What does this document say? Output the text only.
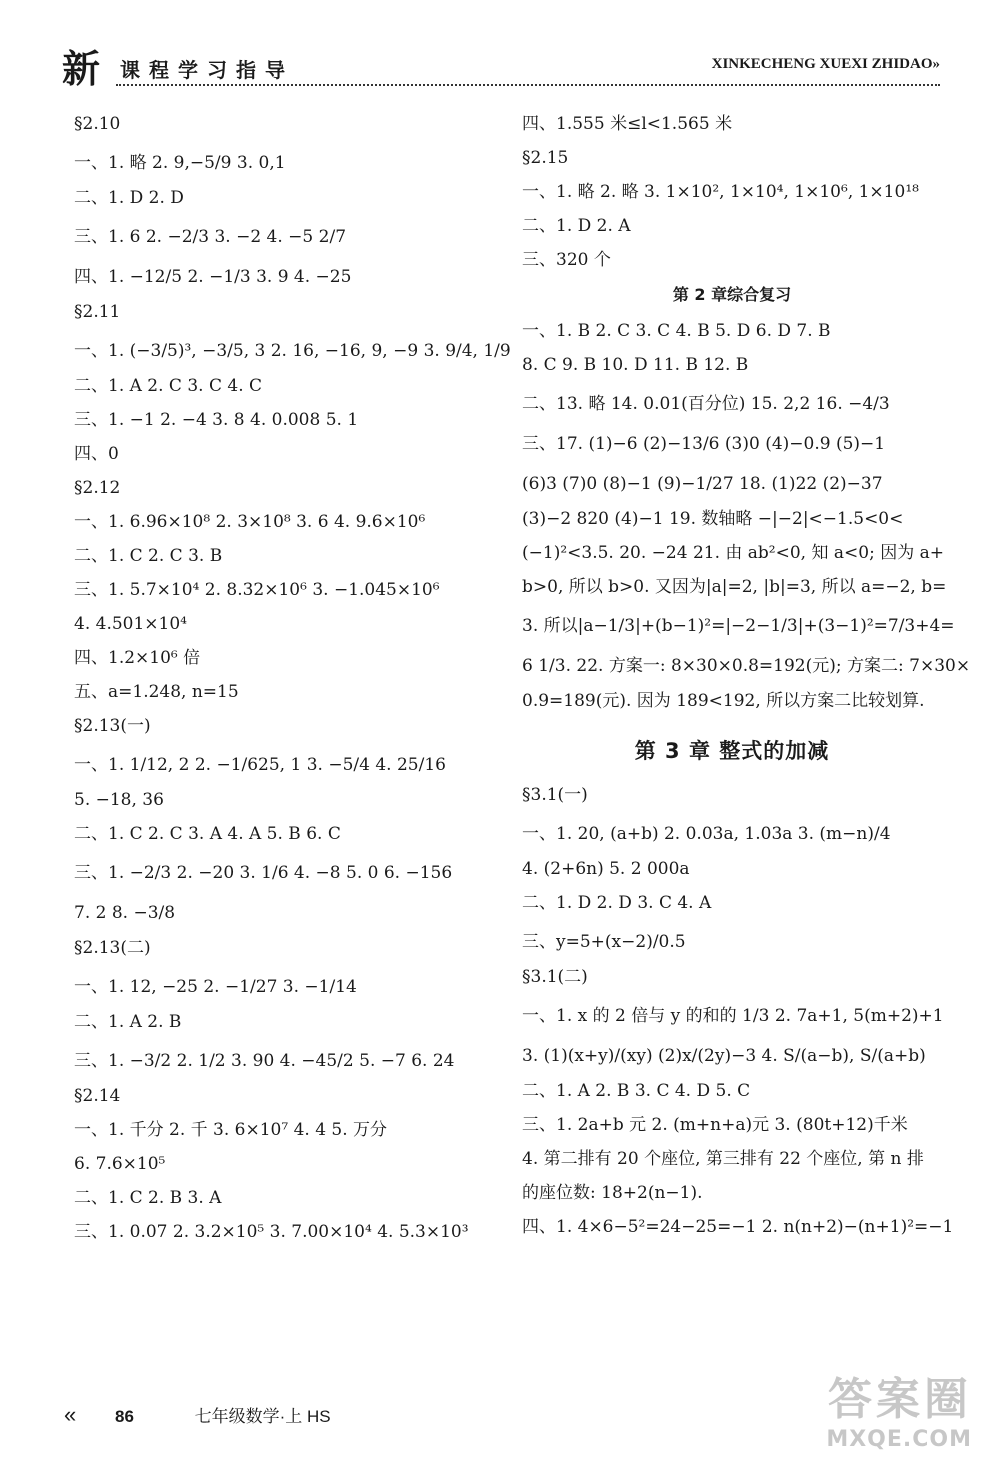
新 课程学习指导	XINKECHENG XUEXI ZHIDAO»
§2.10
一、1. 略 2. 9,−5/9 3. 0,1
二、1. D 2. D
三、1. 6 2. −2/3 3. −2 4. −5 2/7
四、1. −12/5 2. −1/3 3. 9 4. −25
§2.11
一、1. (−3/5)³, −3/5, 3 2. 16, −16, 9, −9 3. 9/4, 1/9
二、1. A 2. C 3. C 4. C
三、1. −1 2. −4 3. 8 4. 0.008 5. 1
四、0
§2.12
一、1. 6.96×10⁸ 2. 3×10⁸ 3. 6 4. 9.6×10⁶
二、1. C 2. C 3. B
三、1. 5.7×10⁴ 2. 8.32×10⁶ 3. −1.045×10⁶
4. 4.501×10⁴
四、1.2×10⁶ 倍
五、a=1.248, n=15
§2.13(一)
一、1. 1/12, 2 2. −1/625, 1 3. −5/4 4. 25/16
5. −18, 36
二、1. C 2. C 3. A 4. A 5. B 6. C
三、1. −2/3 2. −20 3. 1/6 4. −8 5. 0 6. −156
7. 2 8. −3/8
§2.13(二)
一、1. 12, −25 2. −1/27 3. −1/14
二、1. A 2. B
三、1. −3/2 2. 1/2 3. 90 4. −45/2 5. −7 6. 24
§2.14
一、1. 千分 2. 千 3. 6×10⁷ 4. 4 5. 万分
6. 7.6×10⁵
二、1. C 2. B 3. A
三、1. 0.07 2. 3.2×10⁵ 3. 7.00×10⁴ 4. 5.3×10³
四、1.555 米≤l<1.565 米
§2.15
一、1. 略 2. 略 3. 1×10², 1×10⁴, 1×10⁶, 1×10¹⁸
二、1. D 2. A
三、320 个
第 2 章综合复习
一、1. B 2. C 3. C 4. B 5. D 6. D 7. B
8. C 9. B 10. D 11. B 12. B
二、13. 略 14. 0.01(百分位) 15. 2,2 16. −4/3
三、17. (1)−6 (2)−13/6 (3)0 (4)−0.9 (5)−1
(6)3 (7)0 (8)−1 (9)−1/27 18. (1)22 (2)−37
(3)−2 820 (4)−1 19. 数轴略 −|−2|<−1.5<0<
(−1)²<3.5. 20. −24 21. 由 ab²<0, 知 a<0; 因为 a+
b>0, 所以 b>0. 又因为|a|=2, |b|=3, 所以 a=−2, b=
3. 所以|a−1/3|+(b−1)²=|−2−1/3|+(3−1)²=7/3+4=
6 1/3. 22. 方案一: 8×30×0.8=192(元); 方案二: 7×30×
0.9=189(元). 因为 189<192, 所以方案二比较划算.
第 3 章 整式的加减
§3.1(一)
一、1. 20, (a+b) 2. 0.03a, 1.03a 3. (m−n)/4
4. (2+6n) 5. 2 000a
二、1. D 2. D 3. C 4. A
三、y=5+(x−2)/0.5
§3.1(二)
一、1. x 的 2 倍与 y 的和的 1/3 2. 7a+1, 5(m+2)+1
3. (1)(x+y)/(xy) (2)x/(2y)−3 4. S/(a−b), S/(a+b)
二、1. A 2. B 3. C 4. D 5. C
三、1. 2a+b 元 2. (m+n+a)元 3. (80t+12)千米
4. 第二排有 20 个座位, 第三排有 22 个座位, 第 n 排
的座位数: 18+2(n−1).
四、1. 4×6−5²=24−25=−1 2. n(n+2)−(n+1)²=−1
« 86	七年级数学·上 HS	答案圈
MXQE.COM
